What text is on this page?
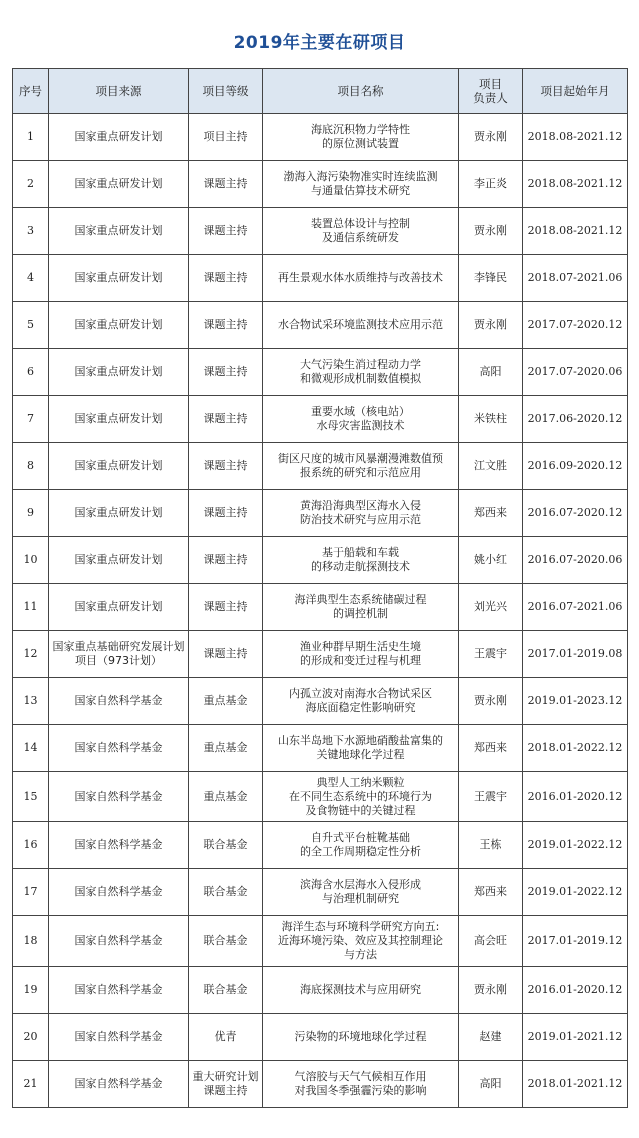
2019年主要在研项目
序号	项目来源	项目等级	项目名称	项目
负责人	项目起始年月
1	国家重点研发计划	项目主持	海底沉积物力学特性
的原位测试装置	贾永刚	2018.08-2021.12
2	国家重点研发计划	课题主持	渤海入海污染物准实时连续监测
与通量估算技术研究	李正炎	2018.08-2021.12
3	国家重点研发计划	课题主持	装置总体设计与控制
及通信系统研发	贾永刚	2018.08-2021.12
4	国家重点研发计划	课题主持	再生景观水体水质维持与改善技术	李锋民	2018.07-2021.06
5	国家重点研发计划	课题主持	水合物试采环境监测技术应用示范	贾永刚	2017.07-2020.12
6	国家重点研发计划	课题主持	大气污染生消过程动力学
和微观形成机制数值模拟	高阳	2017.07-2020.06
7	国家重点研发计划	课题主持	重要水域（核电站）
水母灾害监测技术	米铁柱	2017.06-2020.12
8	国家重点研发计划	课题主持	街区尺度的城市风暴潮漫滩数值预
报系统的研究和示范应用	江文胜	2016.09-2020.12
9	国家重点研发计划	课题主持	黄海沿海典型区海水入侵
防治技术研究与应用示范	郑西来	2016.07-2020.12
10	国家重点研发计划	课题主持	基于船载和车载
的移动走航探测技术	姚小红	2016.07-2020.06
11	国家重点研发计划	课题主持	海洋典型生态系统储碳过程
的调控机制	刘光兴	2016.07-2021.06
12	国家重点基础研究发展计划项目（973计划）	课题主持	渔业种群早期生活史生境
的形成和变迁过程与机理	王震宇	2017.01-2019.08
13	国家自然科学基金	重点基金	内孤立波对南海水合物试采区
海底面稳定性影响研究	贾永刚	2019.01-2023.12
14	国家自然科学基金	重点基金	山东半岛地下水源地硝酸盐富集的
关键地球化学过程	郑西来	2018.01-2022.12
15	国家自然科学基金	重点基金	典型人工纳米颗粒
在不同生态系统中的环境行为
及食物链中的关键过程	王震宇	2016.01-2020.12
16	国家自然科学基金	联合基金	自升式平台桩靴基础
的全工作周期稳定性分析	王栋	2019.01-2022.12
17	国家自然科学基金	联合基金	滨海含水层海水入侵形成
与治理机制研究	郑西来	2019.01-2022.12
18	国家自然科学基金	联合基金	海洋生态与环境科学研究方向五:
近海环境污染、效应及其控制理论
与方法	高会旺	2017.01-2019.12
19	国家自然科学基金	联合基金	海底探测技术与应用研究	贾永刚	2016.01-2020.12
20	国家自然科学基金	优青	污染物的环境地球化学过程	赵建	2019.01-2021.12
21	国家自然科学基金	重大研究计划课题主持	气溶胶与天气气候相互作用
对我国冬季强霾污染的影响	高阳	2018.01-2021.12
